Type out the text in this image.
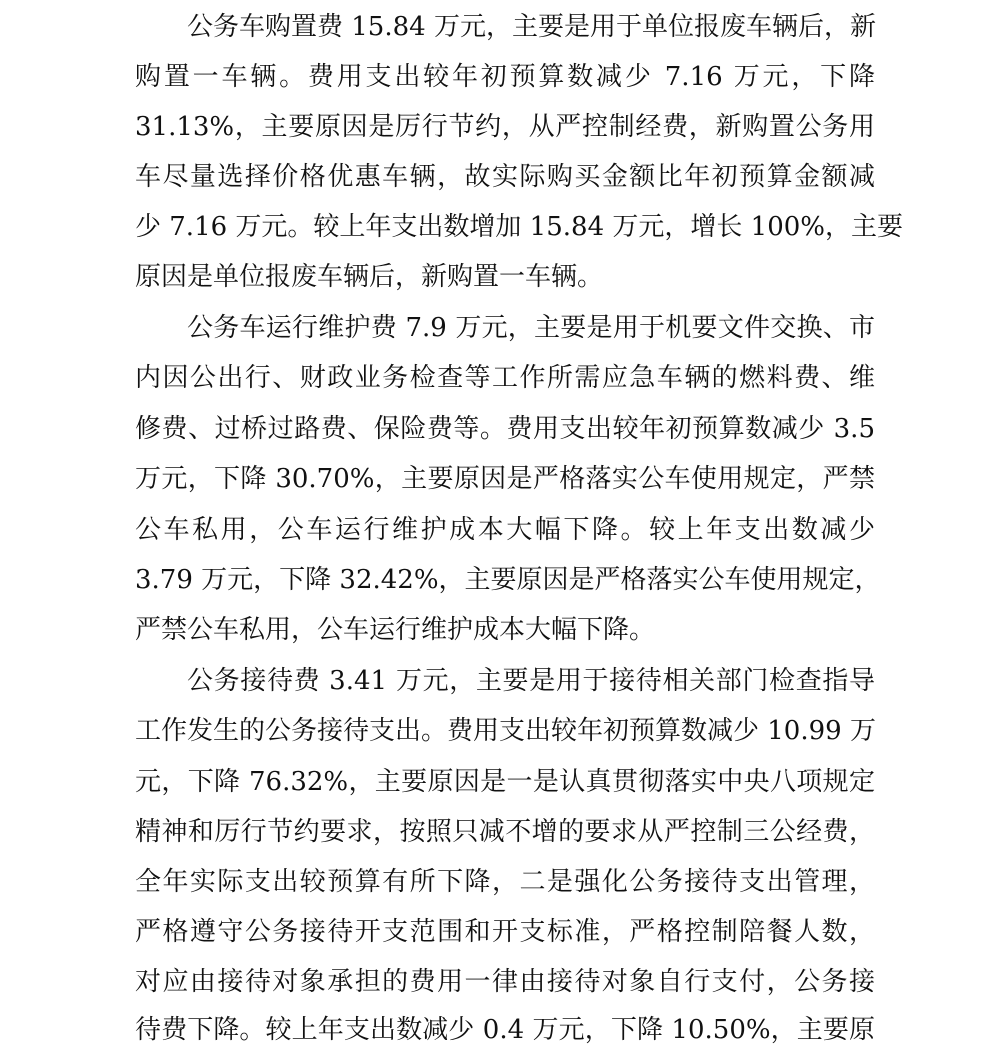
公务车购置费 15.84 万元，主要是用于单位报废车辆后，新
购置一车辆。费用支出较年初预算数减少 7.16 万元，下降
31.13%，主要原因是厉行节约，从严控制经费，新购置公务用
车尽量选择价格优惠车辆，故实际购买金额比年初预算金额减
少 7.16 万元。较上年支出数增加 15.84 万元，增长 100%，主要
原因是单位报废车辆后，新购置一车辆。
公务车运行维护费 7.9 万元，主要是用于机要文件交换、市
内因公出行、财政业务检查等工作所需应急车辆的燃料费、维
修费、过桥过路费、保险费等。费用支出较年初预算数减少 3.5
万元，下降 30.70%，主要原因是严格落实公车使用规定，严禁
公车私用，公车运行维护成本大幅下降。较上年支出数减少
3.79 万元，下降 32.42%，主要原因是严格落实公车使用规定，
严禁公车私用，公车运行维护成本大幅下降。
公务接待费 3.41 万元，主要是用于接待相关部门检查指导
工作发生的公务接待支出。费用支出较年初预算数减少 10.99 万
元，下降 76.32%，主要原因是一是认真贯彻落实中央八项规定
精神和厉行节约要求，按照只减不增的要求从严控制三公经费，
全年实际支出较预算有所下降，二是强化公务接待支出管理，
严格遵守公务接待开支范围和开支标准，严格控制陪餐人数，
对应由接待对象承担的费用一律由接待对象自行支付，公务接
待费下降。较上年支出数减少 0.4 万元，下降 10.50%，主要原
